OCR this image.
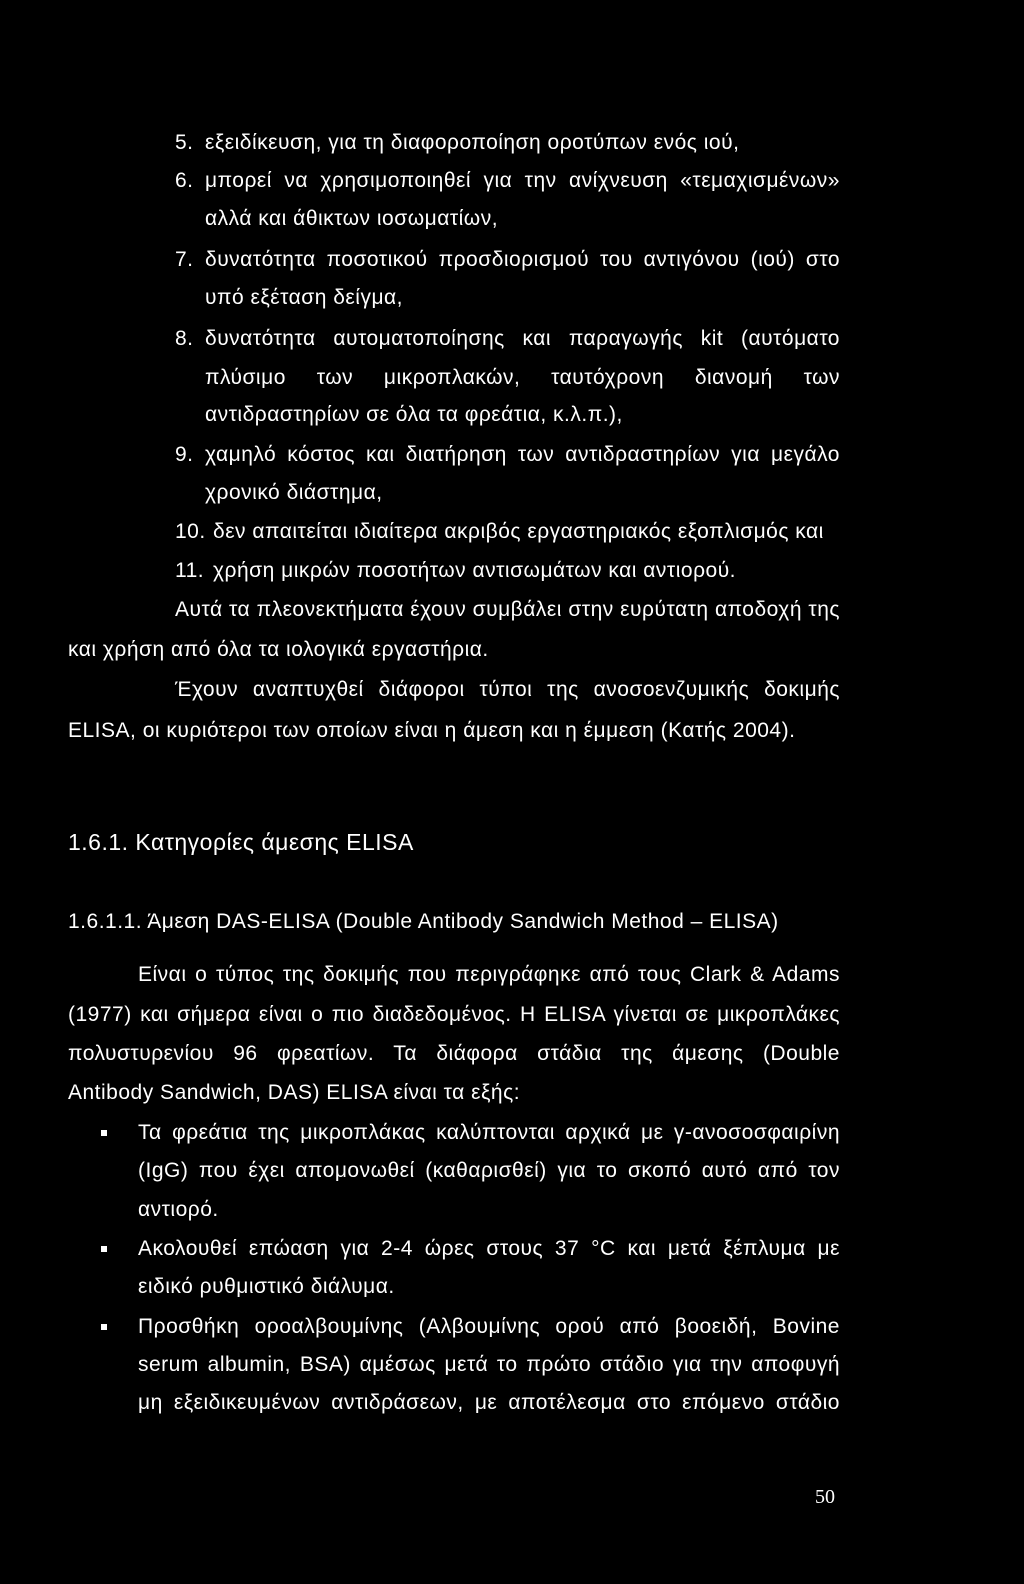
5. εξειδίκευση, για τη διαφοροποίηση οροτύπων ενός ιού,
6. μπορεί να χρησιμοποιηθεί για την ανίχνευση «τεμαχισμένων»
αλλά και άθικτων ιοσωματίων,
7. δυνατότητα ποσοτικού προσδιορισμού του αντιγόνου (ιού) στο
υπό εξέταση δείγμα,
8. δυνατότητα αυτοματοποίησης και παραγωγής kit (αυτόματο
πλύσιμο των μικροπλακών, ταυτόχρονη διανομή των
αντιδραστηρίων σε όλα τα φρεάτια, κ.λ.π.),
9. χαμηλό κόστος και διατήρηση των αντιδραστηρίων για μεγάλο
χρονικό διάστημα,
10. δεν απαιτείται ιδιαίτερα ακριβός εργαστηριακός εξοπλισμός και
11. χρήση μικρών ποσοτήτων αντισωμάτων και αντιορού.
Αυτά τα πλεονεκτήματα έχουν συμβάλει στην ευρύτατη αποδοχή της
και χρήση από όλα τα ιολογικά εργαστήρια.
Έχουν αναπτυχθεί διάφοροι τύποι της ανοσοενζυμικής δοκιμής
ELISA, οι κυριότεροι των οποίων είναι η άμεση και η έμμεση (Κατής 2004).
1.6.1. Κατηγορίες άμεσης ELISA
1.6.1.1. Άμεση DAS-ELISA (Double Antibody Sandwich Method – ELISA)
Είναι ο τύπος της δοκιμής που περιγράφηκε από τους Clark & Adams
(1977) και σήμερα είναι ο πιο διαδεδομένος. Η ELISA γίνεται σε μικροπλάκες
πολυστυρενίου 96 φρεατίων. Τα διάφορα στάδια της άμεσης (Double
Antibody Sandwich, DAS) ELISA είναι τα εξής:
Τα φρεάτια της μικροπλάκας καλύπτονται αρχικά με γ-ανοσοσφαιρίνη
(IgG) που έχει απομονωθεί (καθαρισθεί) για το σκοπό αυτό από τον
αντιορό.
Ακολουθεί επώαση για 2-4 ώρες στους 37 °C και μετά ξέπλυμα με
ειδικό ρυθμιστικό διάλυμα.
Προσθήκη οροαλβουμίνης (Αλβουμίνης ορού από βοοειδή, Bovine
serum albumin, BSA) αμέσως μετά το πρώτο στάδιο για την αποφυγή
μη εξειδικευμένων αντιδράσεων, με αποτέλεσμα στο επόμενο στάδιο
50
